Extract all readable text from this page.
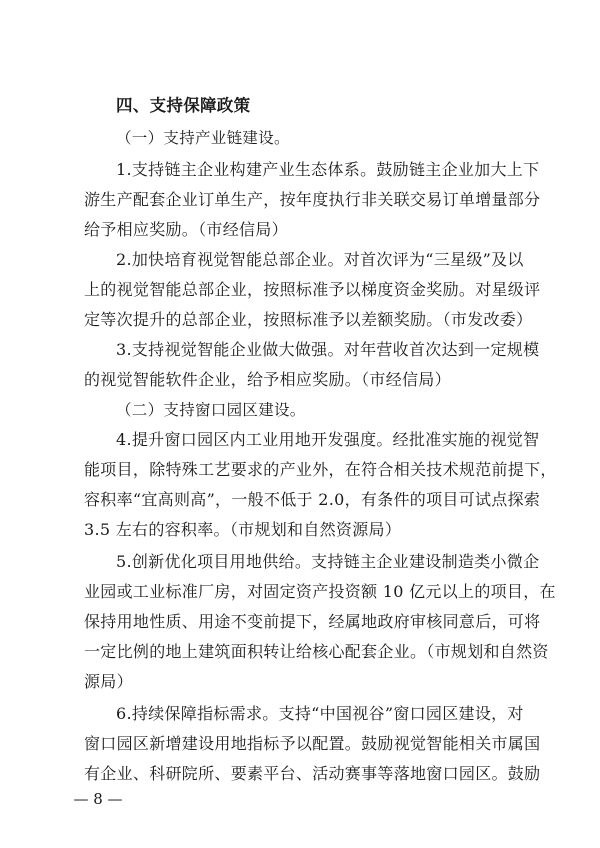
四、支持保障政策
（一）支持产业链建设。
1.支持链主企业构建产业生态体系。鼓励链主企业加大上下
游生产配套企业订单生产，按年度执行非关联交易订单增量部分
给予相应奖励。（市经信局）
2.加快培育视觉智能总部企业。对首次评为“三星级”及以
上的视觉智能总部企业，按照标准予以梯度资金奖励。对星级评
定等次提升的总部企业，按照标准予以差额奖励。（市发改委）
3.支持视觉智能企业做大做强。对年营收首次达到一定规模
的视觉智能软件企业，给予相应奖励。（市经信局）
（二）支持窗口园区建设。
4.提升窗口园区内工业用地开发强度。经批准实施的视觉智
能项目，除特殊工艺要求的产业外，在符合相关技术规范前提下，
容积率“宜高则高”，一般不低于 2.0，有条件的项目可试点探索
3.5 左右的容积率。（市规划和自然资源局）
5.创新优化项目用地供给。支持链主企业建设制造类小微企
业园或工业标准厂房，对固定资产投资额 10 亿元以上的项目，在
保持用地性质、用途不变前提下，经属地政府审核同意后，可将
一定比例的地上建筑面积转让给核心配套企业。（市规划和自然资
源局）
6.持续保障指标需求。支持“中国视谷”窗口园区建设，对
窗口园区新增建设用地指标予以配置。鼓励视觉智能相关市属国
有企业、科研院所、要素平台、活动赛事等落地窗口园区。鼓励
— 8 —
